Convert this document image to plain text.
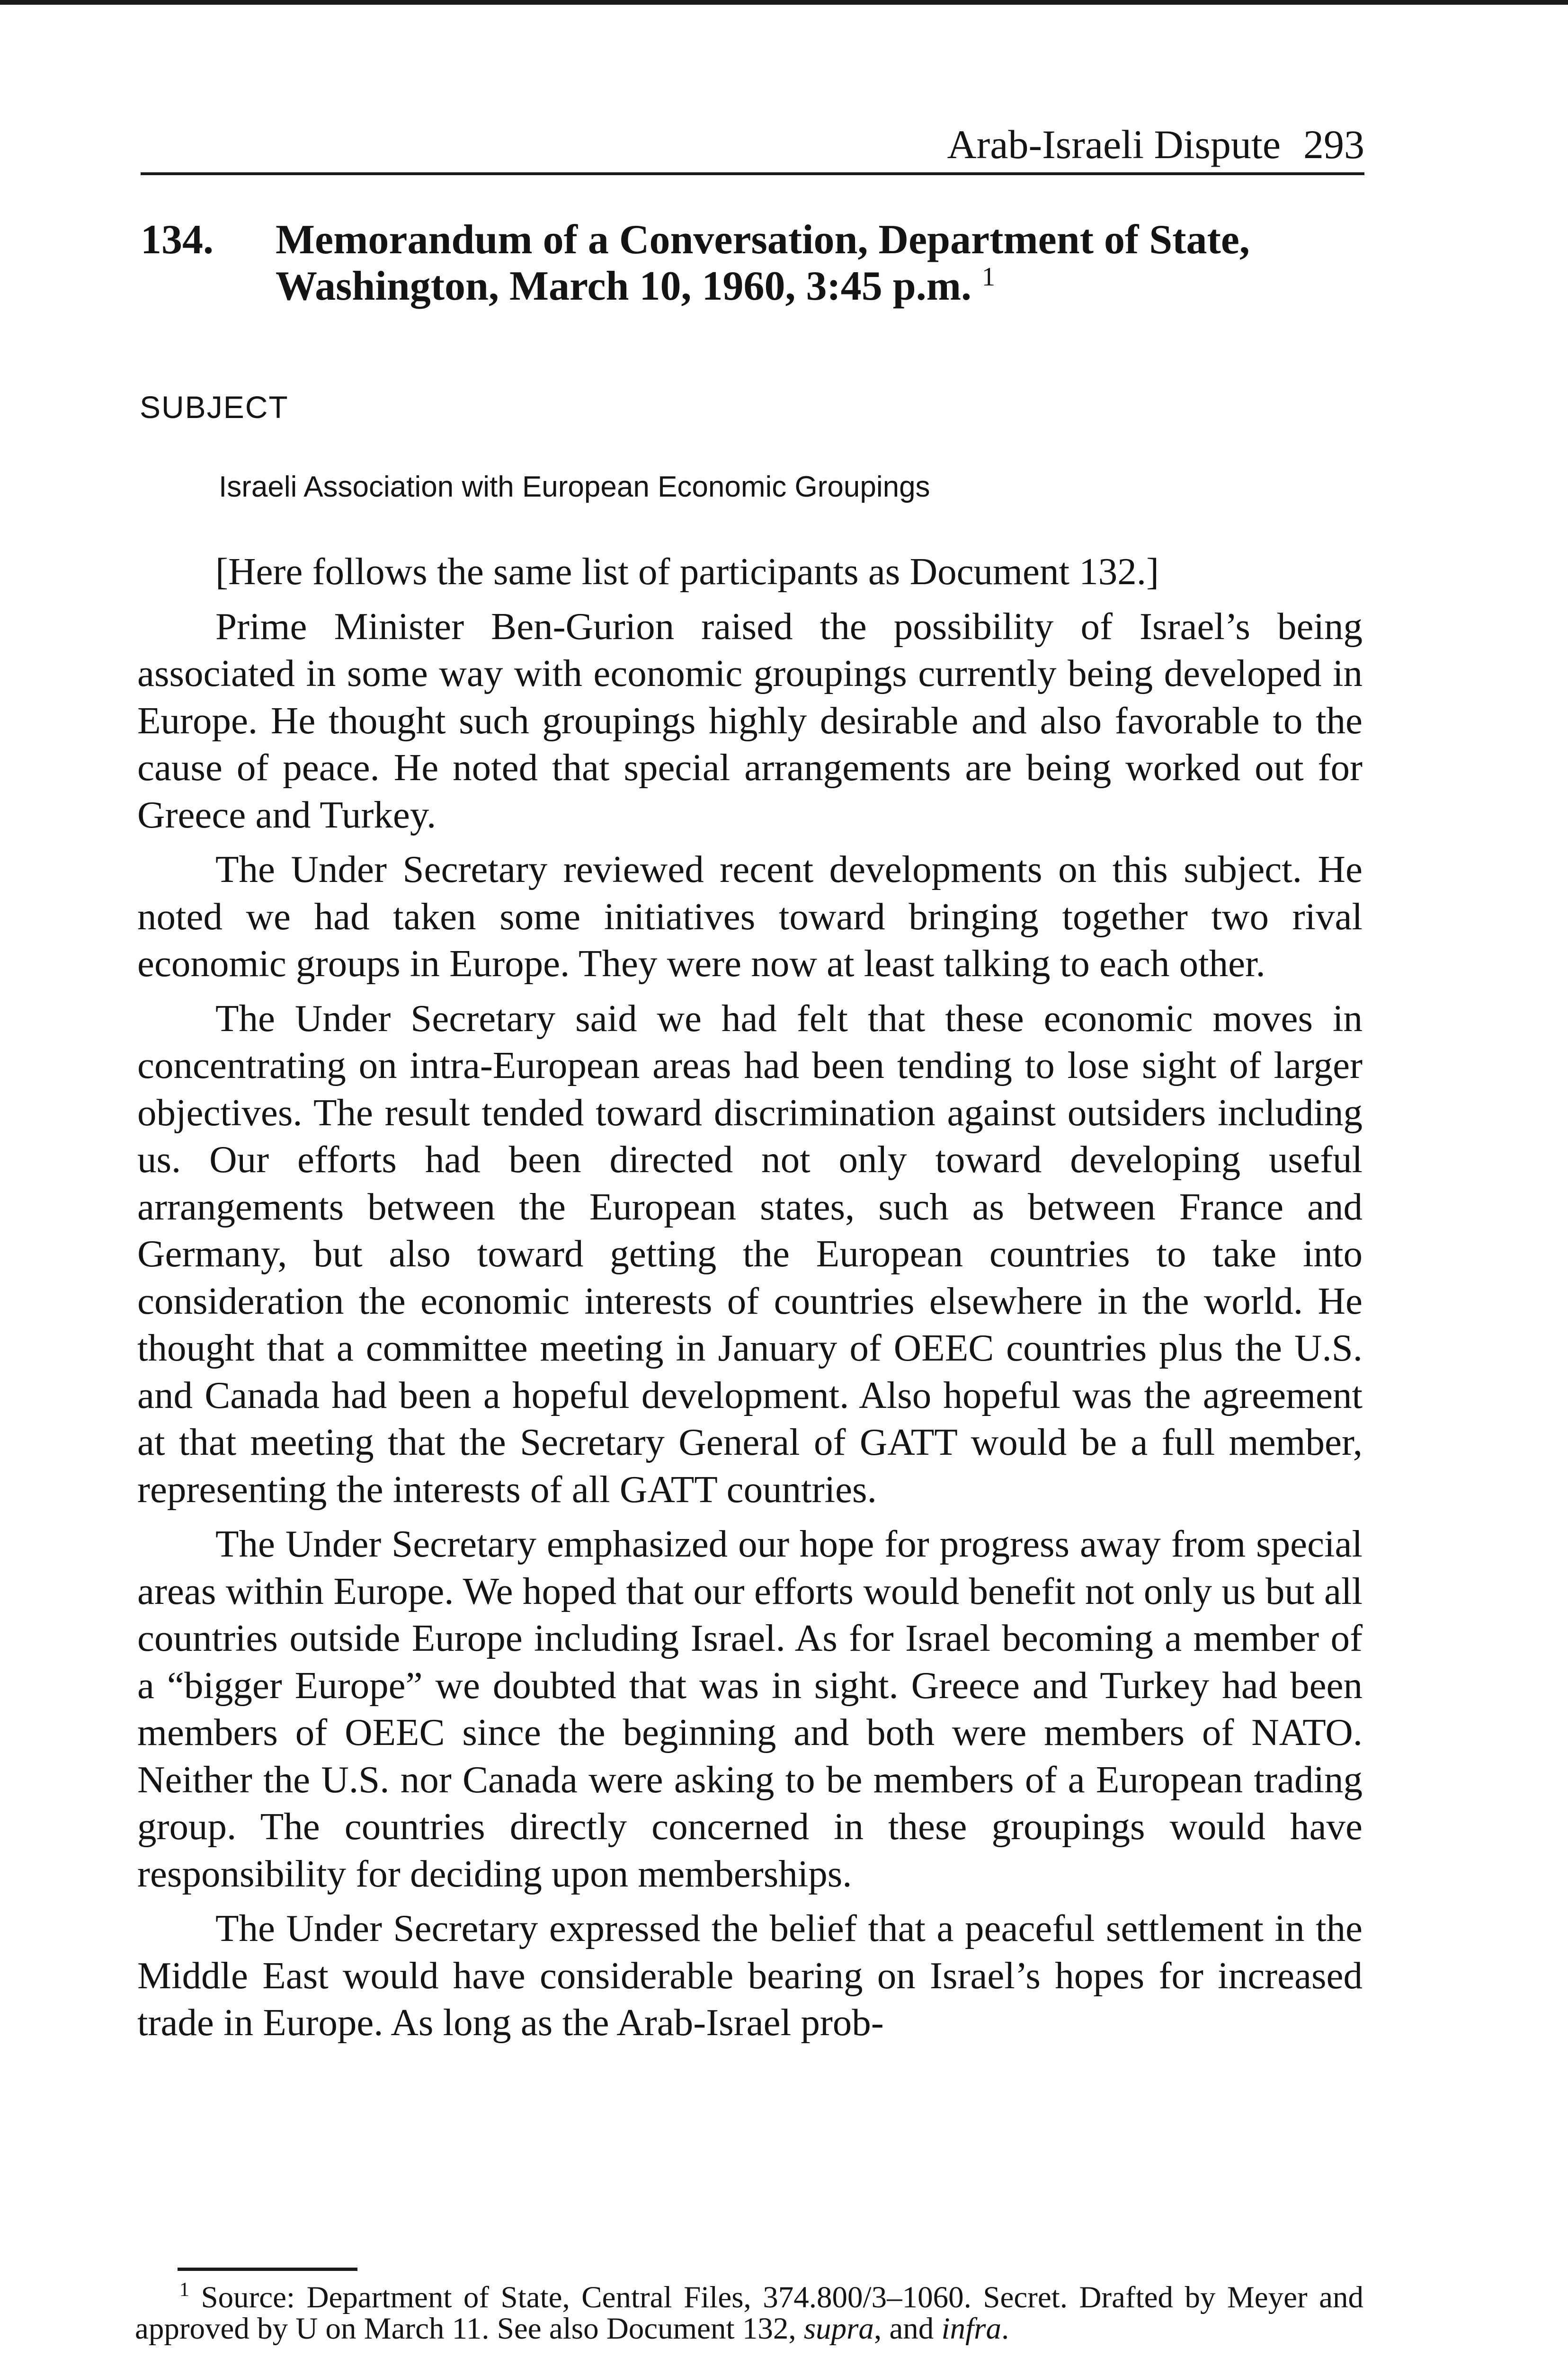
Arab-Israeli Dispute 293
134. Memorandum of a Conversation, Department of State, Washington, March 10, 1960, 3:45 p.m. $^1$
SUBJECT
Israeli Association with European Economic Groupings

[Here follows the same list of participants as Document 132.]

Prime Minister Ben-Gurion raised the possibility of Israel’s being associated in some way with economic groupings currently being developed in Europe. He thought such groupings highly desirable and also favorable to the cause of peace. He noted that special arrangements are being worked out for Greece and Turkey.

The Under Secretary reviewed recent developments on this subject. He noted we had taken some initiatives toward bringing together two rival economic groups in Europe. They were now at least talking to each other.

The Under Secretary said we had felt that these economic moves in concentrating on intra-European areas had been tending to lose sight of larger objectives. The result tended toward discrimination against outsiders including us. Our efforts had been directed not only toward developing useful arrangements between the European states, such as between France and Germany, but also toward getting the European countries to take into consideration the economic interests of countries elsewhere in the world. He thought that a committee meeting in January of OEEC countries plus the U.S. and Canada had been a hopeful development. Also hopeful was the agreement at that meeting that the Secretary General of GATT would be a full member, representing the interests of all GATT countries.

The Under Secretary emphasized our hope for progress away from special areas within Europe. We hoped that our efforts would benefit not only us but all countries outside Europe including Israel. As for Israel becoming a member of a “bigger Europe” we doubted that was in sight. Greece and Turkey had been members of OEEC since the beginning and both were members of NATO. Neither the U.S. nor Canada were asking to be members of a European trading group. The countries directly concerned in these groupings would have responsibility for deciding upon memberships.

The Under Secretary expressed the belief that a peaceful settlement in the Middle East would have considerable bearing on Israel’s hopes for increased trade in Europe. As long as the Arab-Israel prob-

$^1$ Source: Department of State, Central Files, 374.800/3–1060. Secret. Drafted by Meyer and approved by U on March 11. See also Document 132, supra, and infra.
